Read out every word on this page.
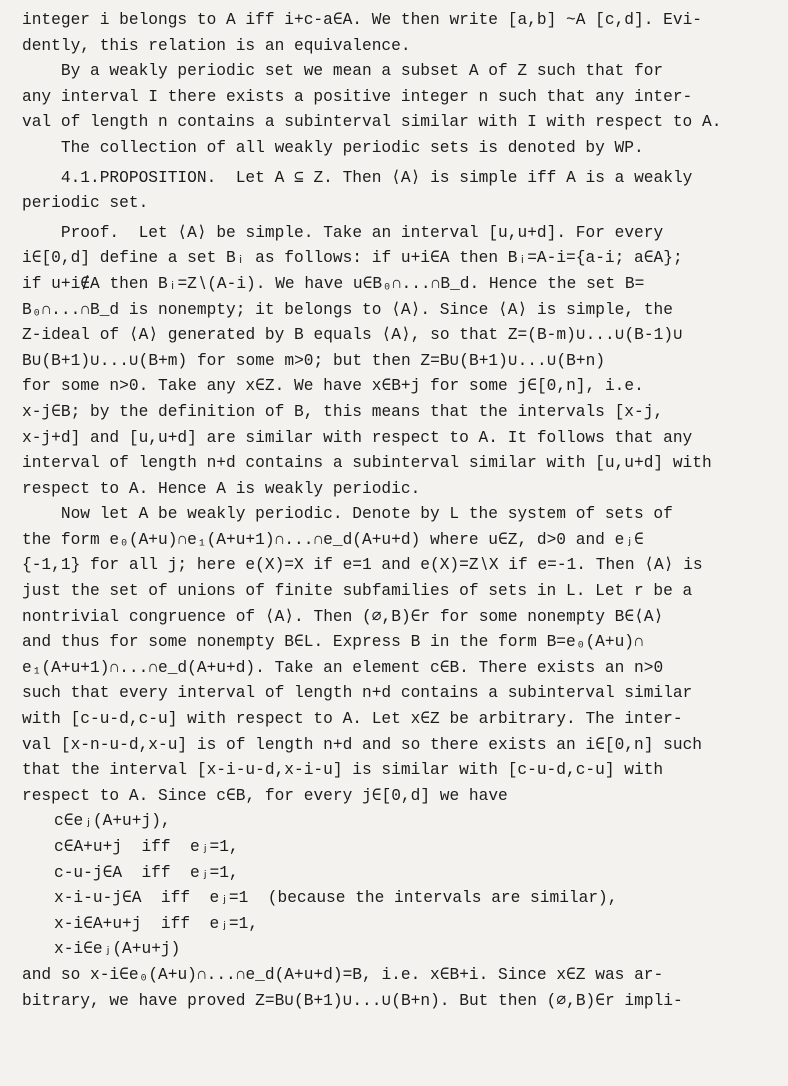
integer i belongs to A iff i+c-a∈A. We then write [a,b] ~A [c,d]. Evi-
dently, this relation is an equivalence.
By a weakly periodic set we mean a subset A of Z such that for
any interval I there exists a positive integer n such that any inter-
val of length n contains a subinterval similar with I with respect to A.
The collection of all weakly periodic sets is denoted by WP.
4.1.PROPOSITION.  Let A ⊆ Z. Then ⟨A⟩ is simple iff A is a weakly
periodic set.
Proof.  Let ⟨A⟩ be simple. Take an interval [u,u+d]. For every
i∈[0,d] define a set Bᵢ as follows: if u+i∈A then Bᵢ=A-i={a-i; a∈A};
if u+i∉A then Bᵢ=Z∖(A-i). We have u∈B₀∩...∩B_d. Hence the set B=
B₀∩...∩B_d is nonempty; it belongs to ⟨A⟩. Since ⟨A⟩ is simple, the
Z-ideal of ⟨A⟩ generated by B equals ⟨A⟩, so that Z=(B-m)∪...∪(B-1)∪
B∪(B+1)∪...∪(B+m) for some m>0; but then Z=B∪(B+1)∪...∪(B+n)
for some n>0. Take any x∈Z. We have x∈B+j for some j∈[0,n], i.e.
x-j∈B; by the definition of B, this means that the intervals [x-j,
x-j+d] and [u,u+d] are similar with respect to A. It follows that any
interval of length n+d contains a subinterval similar with [u,u+d] with
respect to A. Hence A is weakly periodic.
Now let A be weakly periodic. Denote by L the system of sets of
the form e₀(A+u)∩e₁(A+u+1)∩...∩e_d(A+u+d) where u∈Z, d>0 and eⱼ∈
{-1,1} for all j; here e(X)=X if e=1 and e(X)=Z∖X if e=-1. Then ⟨A⟩ is
just the set of unions of finite subfamilies of sets in L. Let r be a
nontrivial congruence of ⟨A⟩. Then (∅,B)∈r for some nonempty B∈⟨A⟩
and thus for some nonempty B∈L. Express B in the form B=e₀(A+u)∩
e₁(A+u+1)∩...∩e_d(A+u+d). Take an element c∈B. There exists an n>0
such that every interval of length n+d contains a subinterval similar
with [c-u-d,c-u] with respect to A. Let x∈Z be arbitrary. The inter-
val [x-n-u-d,x-u] is of length n+d and so there exists an i∈[0,n] such
that the interval [x-i-u-d,x-i-u] is similar with [c-u-d,c-u] with
respect to A. Since c∈B, for every j∈[0,d] we have
c∈eⱼ(A+u+j),
c∈A+u+j  iff  eⱼ=1,
c-u-j∈A  iff  eⱼ=1,
x-i-u-j∈A  iff  eⱼ=1  (because the intervals are similar),
x-i∈A+u+j  iff  eⱼ=1,
x-i∈eⱼ(A+u+j)
and so x-i∈e₀(A+u)∩...∩e_d(A+u+d)=B, i.e. x∈B+i. Since x∈Z was ar-
bitrary, we have proved Z=B∪(B+1)∪...∪(B+n). But then (∅,B)∈r impli-
